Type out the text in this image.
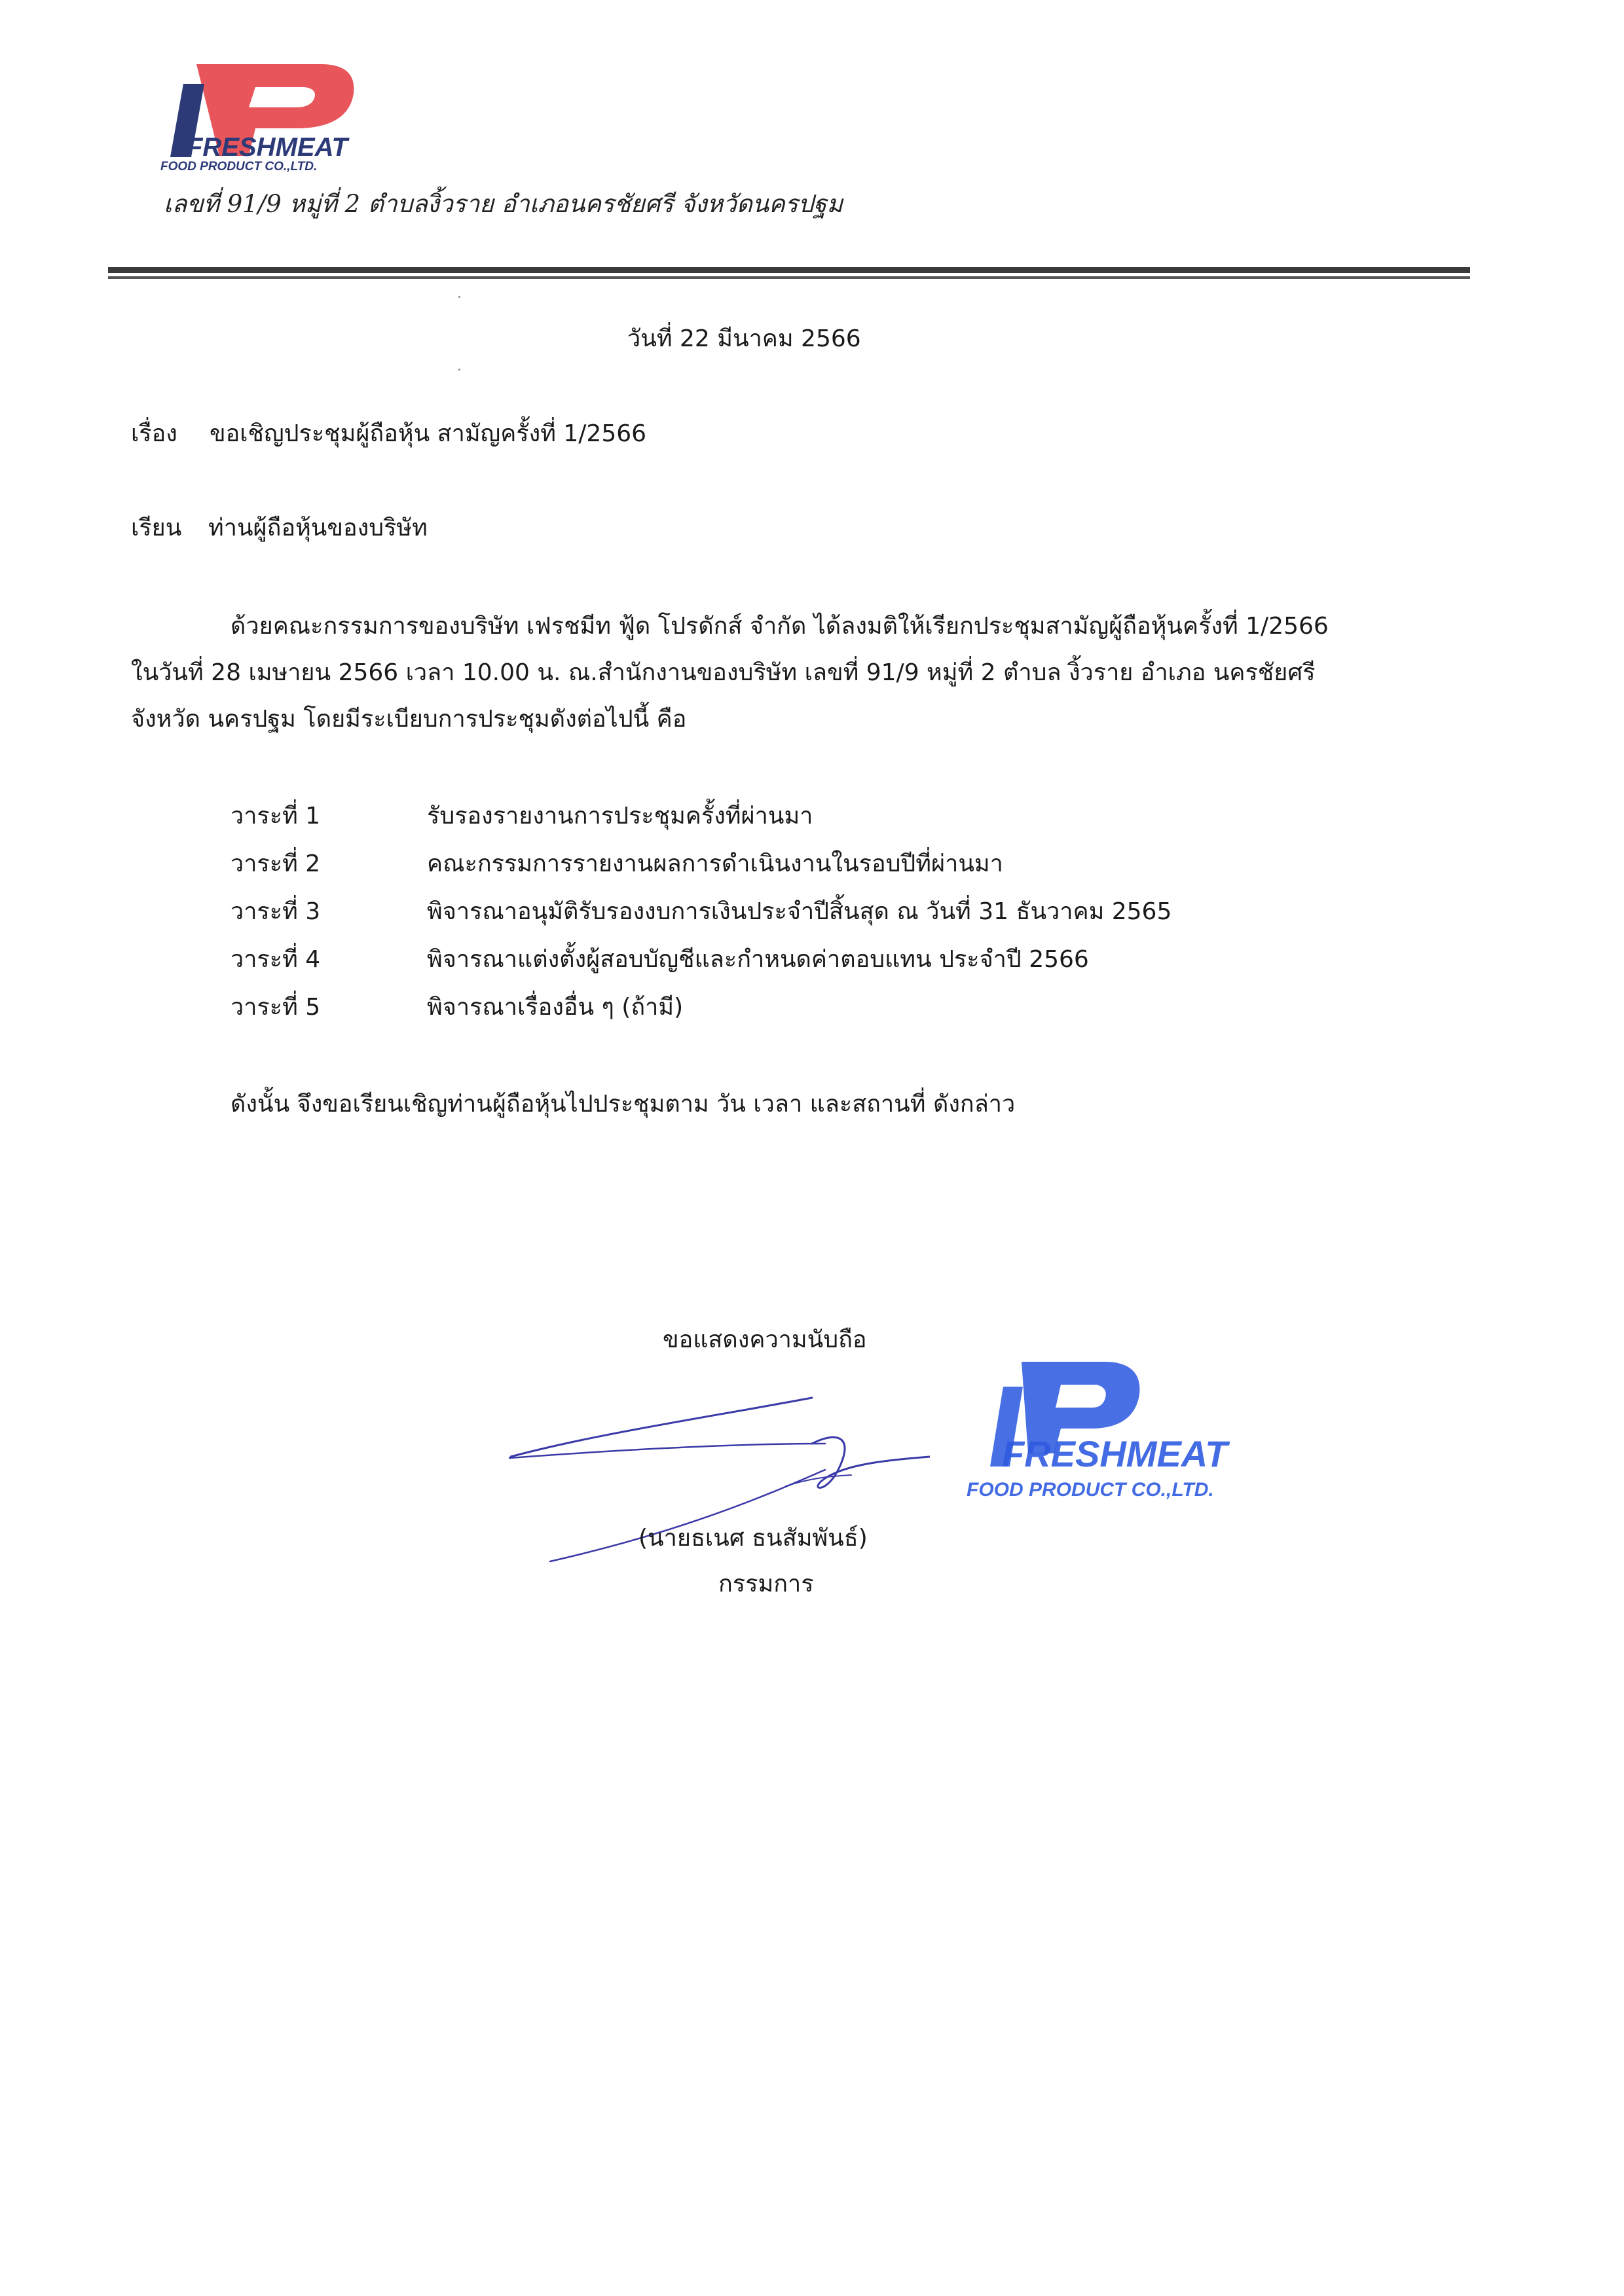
FRESHMEAT
FOOD PRODUCT CO.,LTD.
เลขที่ 91/9 หมู่ที่ 2 ตำบลงิ้วราย อำเภอนครชัยศรี จังหวัดนครปฐม
วันที่ 22 มีนาคม 2566
เรื่อง ขอเชิญประชุมผู้ถือหุ้น สามัญครั้งที่ 1/2566
เรียน ท่านผู้ถือหุ้นของบริษัท
ด้วยคณะกรรมการของบริษัท เฟรชมีท ฟู้ด โปรดักส์ จำกัด ได้ลงมติให้เรียกประชุมสามัญผู้ถือหุ้นครั้งที่ 1/2566
ในวันที่ 28 เมษายน 2566 เวลา 10.00 น. ณ.สำนักงานของบริษัท เลขที่ 91/9 หมู่ที่ 2 ตำบล งิ้วราย อำเภอ นครชัยศรี
จังหวัด นครปฐม โดยมีระเบียบการประชุมดังต่อไปนี้ คือ
วาระที่ 1	รับรองรายงานการประชุมครั้งที่ผ่านมา
วาระที่ 2	คณะกรรมการรายงานผลการดำเนินงานในรอบปีที่ผ่านมา
วาระที่ 3	พิจารณาอนุมัติรับรองงบการเงินประจำปีสิ้นสุด ณ วันที่ 31 ธันวาคม 2565
วาระที่ 4	พิจารณาแต่งตั้งผู้สอบบัญชีและกำหนดค่าตอบแทน ประจำปี 2566
วาระที่ 5	พิจารณาเรื่องอื่น ๆ (ถ้ามี)
ดังนั้น จึงขอเรียนเชิญท่านผู้ถือหุ้นไปประชุมตาม วัน เวลา และสถานที่ ดังกล่าว
ขอแสดงความนับถือ
FRESHMEAT
FOOD PRODUCT CO.,LTD.
(นายธเนศ ธนสัมพันธ์)
กรรมการ
